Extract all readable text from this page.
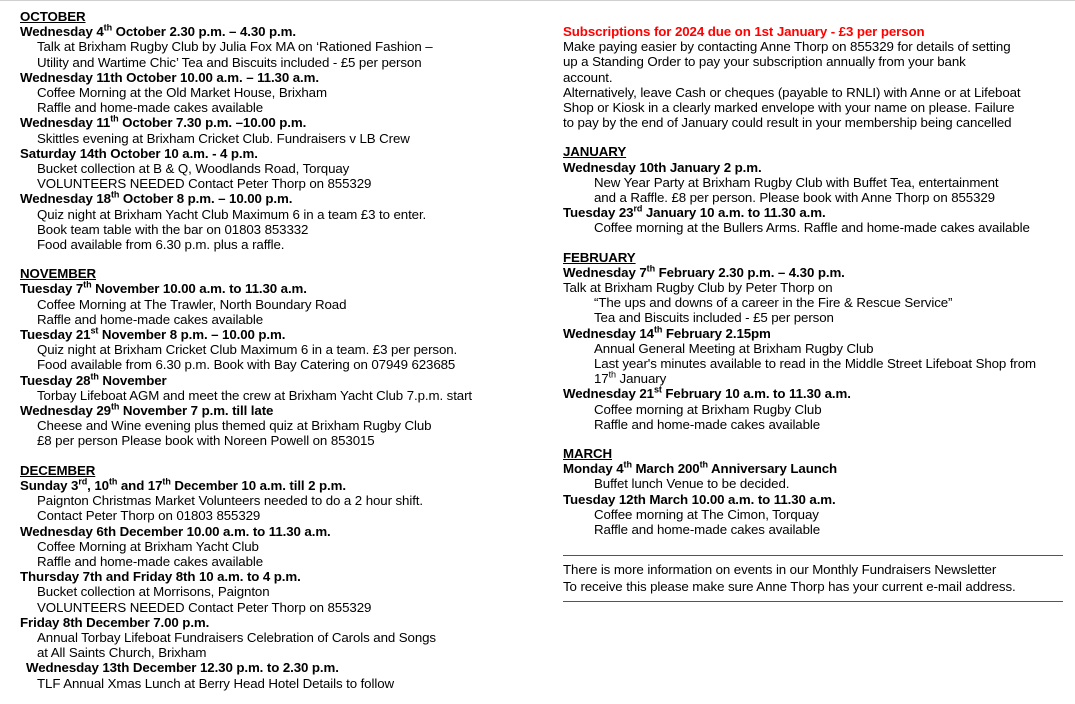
OCTOBER
Wednesday 4th October 2.30 p.m. – 4.30 p.m.
Talk at Brixham Rugby Club by Julia Fox MA on ‘Rationed Fashion –
Utility and Wartime Chic’ Tea and Biscuits included - £5 per person
Wednesday 11th October 10.00 a.m. – 11.30 a.m.
Coffee Morning at the Old Market House, Brixham
Raffle and home-made cakes available
Wednesday 11th October 7.30 p.m. –10.00 p.m.
Skittles evening at Brixham Cricket Club. Fundraisers v LB Crew
Saturday 14th October 10 a.m. - 4 p.m.
Bucket collection at B & Q, Woodlands Road, Torquay
VOLUNTEERS NEEDED Contact Peter Thorp on 855329
Wednesday 18th October 8 p.m. – 10.00 p.m.
Quiz night at Brixham Yacht Club Maximum 6 in a team £3 to enter.
Book team table with the bar on 01803 853332
Food available from 6.30 p.m. plus a raffle.
NOVEMBER
Tuesday 7th November 10.00 a.m. to 11.30 a.m.
Coffee Morning at The Trawler, North Boundary Road
Raffle and home-made cakes available
Tuesday 21st November 8 p.m. – 10.00 p.m.
Quiz night at Brixham Cricket Club Maximum 6 in a team. £3 per person.
Food available from 6.30 p.m. Book with Bay Catering on 07949 623685
Tuesday 28th November
Torbay Lifeboat AGM and meet the crew at Brixham Yacht Club 7.p.m. start
Wednesday 29th November 7 p.m. till late
Cheese and Wine evening plus themed quiz at Brixham Rugby Club
£8 per person Please book with Noreen Powell on 853015
DECEMBER
Sunday 3rd, 10th and 17th December 10 a.m. till 2 p.m.
Paignton Christmas Market Volunteers needed to do a 2 hour shift.
Contact Peter Thorp on 01803 855329
Wednesday 6th December 10.00 a.m. to 11.30 a.m.
Coffee Morning at Brixham Yacht Club
Raffle and home-made cakes available
Thursday 7th and Friday 8th 10 a.m. to 4 p.m.
Bucket collection at Morrisons, Paignton
VOLUNTEERS NEEDED Contact Peter Thorp on 855329
Friday 8th December 7.00 p.m.
Annual Torbay Lifeboat Fundraisers Celebration of Carols and Songs
at All Saints Church, Brixham
Wednesday 13th December 12.30 p.m. to 2.30 p.m.
TLF Annual Xmas Lunch at Berry Head Hotel Details to follow
Subscriptions for 2024 due on 1st January - £3 per person
Make paying easier by contacting Anne Thorp on 855329 for details of setting
up a Standing Order to pay your subscription annually from your bank
account.
Alternatively, leave Cash or cheques (payable to RNLI) with Anne or at Lifeboat
Shop or Kiosk in a clearly marked envelope with your name on please. Failure
to pay by the end of January could result in your membership being cancelled
JANUARY
Wednesday 10th January 2 p.m.
New Year Party at Brixham Rugby Club with Buffet Tea, entertainment
and a Raffle. £8 per person. Please book with Anne Thorp on 855329
Tuesday 23rd January 10 a.m. to 11.30 a.m.
Coffee morning at the Bullers Arms. Raffle and home-made cakes available
FEBRUARY
Wednesday 7th February 2.30 p.m. – 4.30 p.m.
Talk at Brixham Rugby Club by Peter Thorp on
“The ups and downs of a career in the Fire & Rescue Service”
Tea and Biscuits included - £5 per person
Wednesday 14th February 2.15pm
Annual General Meeting at Brixham Rugby Club
Last year's minutes available to read in the Middle Street Lifeboat Shop from
17th January
Wednesday 21st February 10 a.m. to 11.30 a.m.
Coffee morning at Brixham Rugby Club
Raffle and home-made cakes available
MARCH
Monday 4th March 200th Anniversary Launch
Buffet lunch Venue to be decided.
Tuesday 12th March 10.00 a.m. to 11.30 a.m.
Coffee morning at The Cimon, Torquay
Raffle and home-made cakes available
There is more information on events in our Monthly Fundraisers Newsletter
To receive this please make sure Anne Thorp has your current e-mail address.
